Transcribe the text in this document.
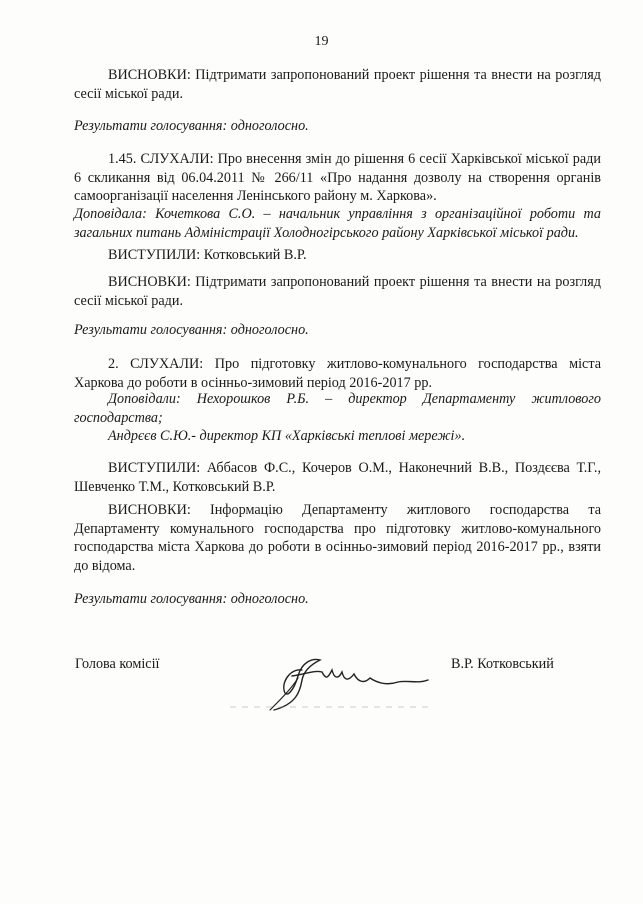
19

ВИСНОВКИ: Підтримати запропонований проект рішення та внести на розгляд сесії міської ради.

Результати голосування: одноголосно.

1.45. СЛУХАЛИ: Про внесення змін до рішення 6 сесії Харківської міської ради 6 скликання від 06.04.2011 № 266/11 «Про надання дозволу на створення органів самоорганізації населення Ленінського району м. Харкова».

Доповідала: Кочеткова С.О. – начальник управління з організаційної роботи та загальних питань Адміністрації Холодногірського району Харківської міської ради.

ВИСТУПИЛИ: Котковський В.Р.

ВИСНОВКИ: Підтримати запропонований проект рішення та внести на розгляд сесії міської ради.

Результати голосування: одноголосно.

2. СЛУХАЛИ: Про підготовку житлово-комунального господарства міста Харкова до роботи в осінньо-зимовий період 2016-2017 рр.

Доповідали: Нехорошков Р.Б. – директор Департаменту житлового господарства;

Андрєєв С.Ю.- директор КП «Харківські теплові мережі».

ВИСТУПИЛИ: Аббасов Ф.С., Кочеров О.М., Наконечний В.В., Поздєєва Т.Г., Шевченко Т.М., Котковський В.Р.

ВИСНОВКИ: Інформацію Департаменту житлового господарства та Департаменту комунального господарства про підготовку житлово-комунального господарства міста Харкова до роботи в осінньо-зимовий період 2016-2017 рр., взяти до відома.

Результати голосування: одноголосно.

Голова комісії	В.Р. Котковський
